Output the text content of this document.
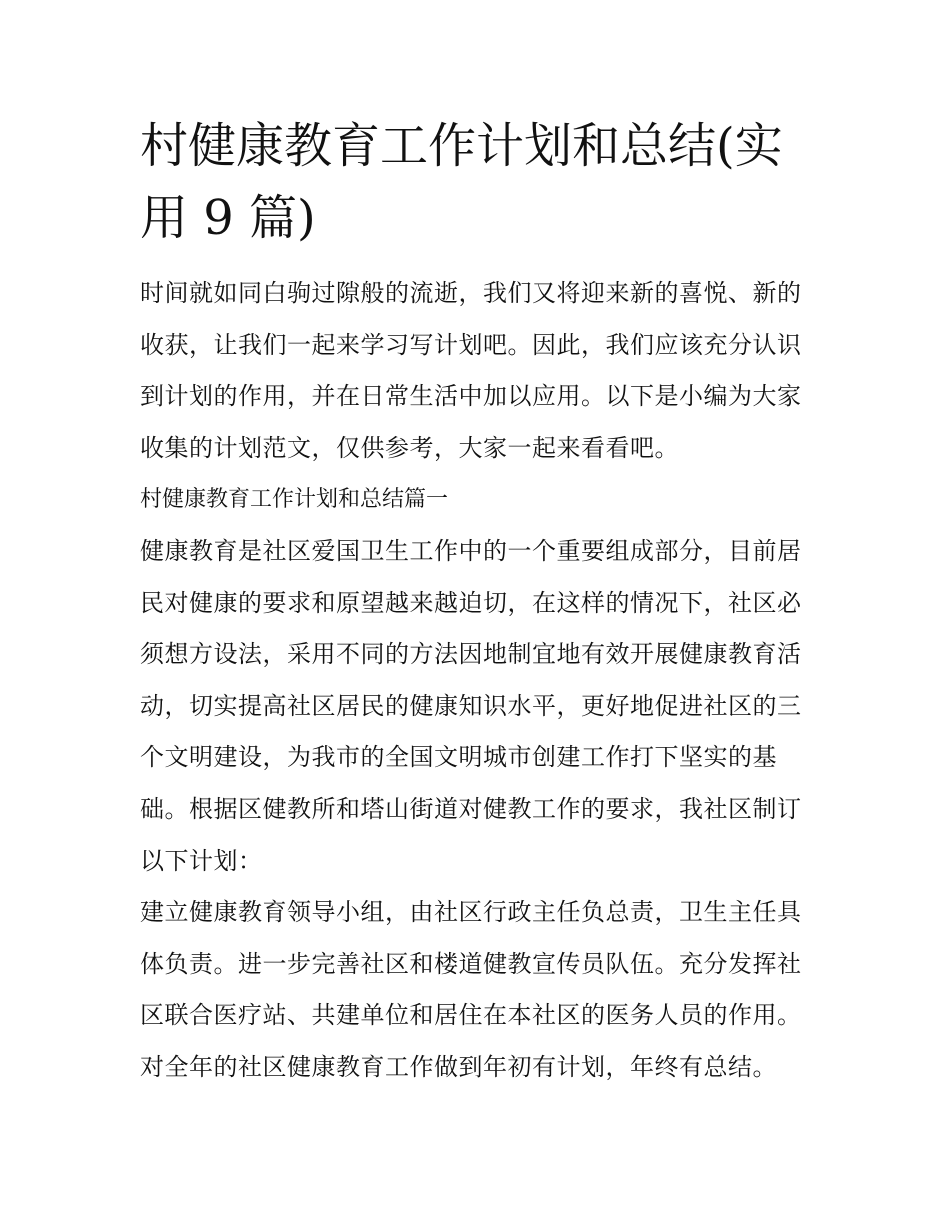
村健康教育工作计划和总结(实用 9 篇)

时间就如同白驹过隙般的流逝，我们又将迎来新的喜悦、新的收获，让我们一起来学习写计划吧。因此，我们应该充分认识到计划的作用，并在日常生活中加以应用。以下是小编为大家收集的计划范文，仅供参考，大家一起来看看吧。

村健康教育工作计划和总结篇一

健康教育是社区爱国卫生工作中的一个重要组成部分，目前居民对健康的要求和原望越来越迫切，在这样的情况下，社区必须想方设法，采用不同的方法因地制宜地有效开展健康教育活动，切实提高社区居民的健康知识水平，更好地促进社区的三个文明建设，为我市的全国文明城市创建工作打下坚实的基础。根据区健教所和塔山街道对健教工作的要求，我社区制订以下计划：

建立健康教育领导小组，由社区行政主任负总责，卫生主任具体负责。进一步完善社区和楼道健教宣传员队伍。充分发挥社区联合医疗站、共建单位和居住在本社区的医务人员的作用。对全年的社区健康教育工作做到年初有计划，年终有总结。
